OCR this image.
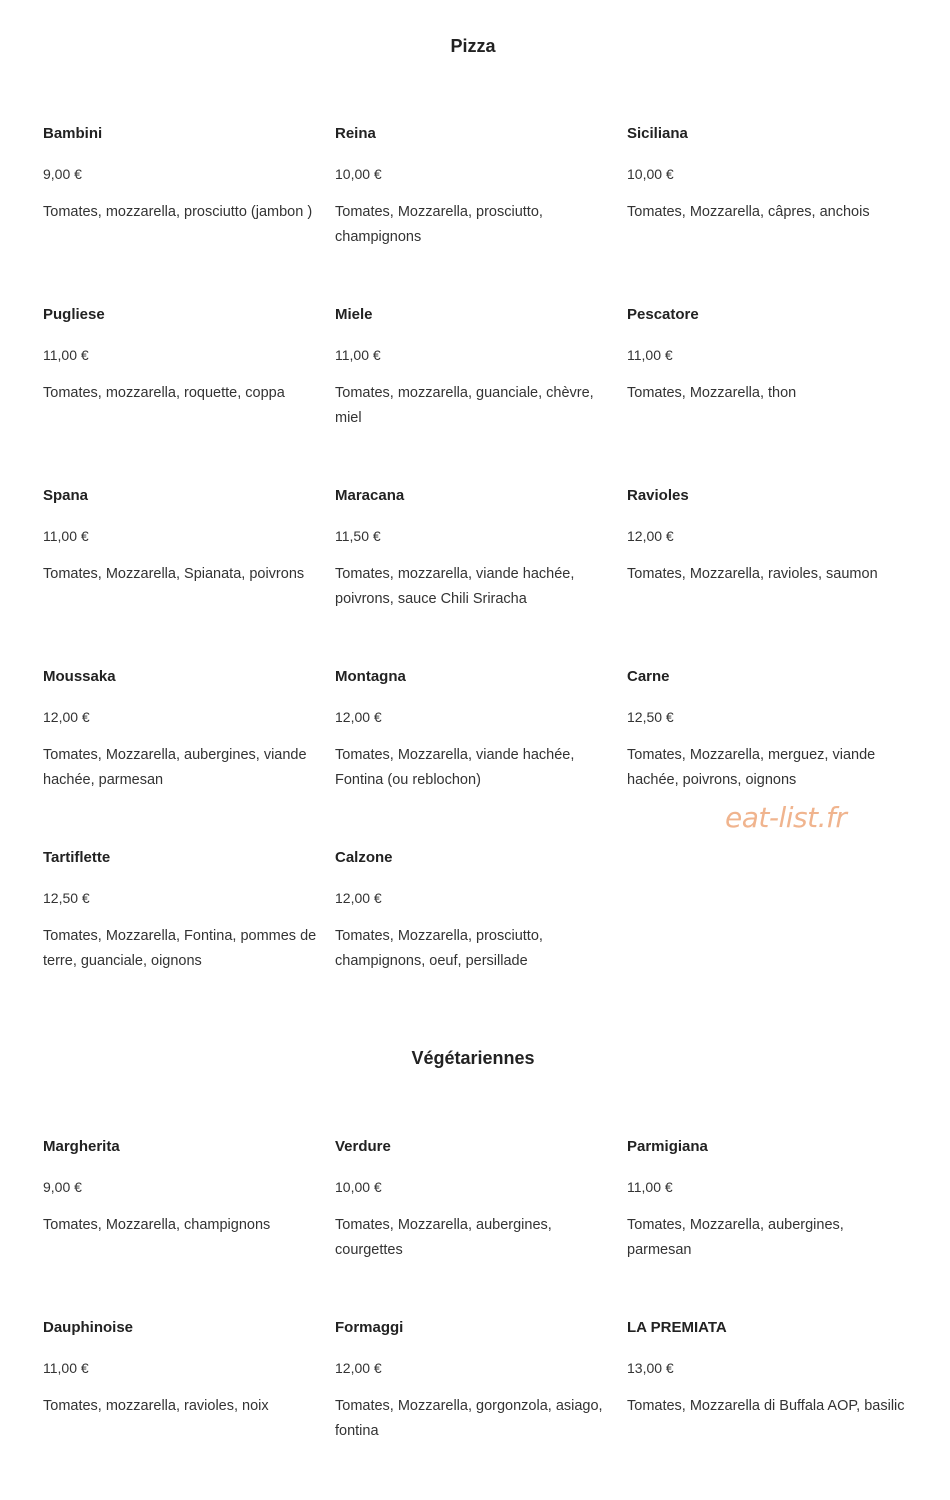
Pizza
Bambini
9,00 €
Tomates, mozzarella, prosciutto (jambon )
Reina
10,00 €
Tomates, Mozzarella, prosciutto, champignons
Siciliana
10,00 €
Tomates, Mozzarella, câpres, anchois
Pugliese
11,00 €
Tomates, mozzarella, roquette, coppa
Miele
11,00 €
Tomates, mozzarella, guanciale, chèvre, miel
Pescatore
11,00 €
Tomates, Mozzarella, thon
Spana
11,00 €
Tomates, Mozzarella, Spianata, poivrons
Maracana
11,50 €
Tomates, mozzarella, viande hachée, poivrons, sauce Chili Sriracha
Ravioles
12,00 €
Tomates, Mozzarella, ravioles, saumon
Moussaka
12,00 €
Tomates, Mozzarella, aubergines, viande hachée, parmesan
Montagna
12,00 €
Tomates, Mozzarella, viande hachée, Fontina (ou reblochon)
Carne
12,50 €
Tomates, Mozzarella, merguez, viande hachée, poivrons, oignons
Tartiflette
12,50 €
Tomates, Mozzarella, Fontina, pommes de terre, guanciale, oignons
Calzone
12,00 €
Tomates, Mozzarella, prosciutto, champignons, oeuf, persillade
Végétariennes
Margherita
9,00 €
Tomates, Mozzarella, champignons
Verdure
10,00 €
Tomates, Mozzarella, aubergines, courgettes
Parmigiana
11,00 €
Tomates, Mozzarella, aubergines, parmesan
Dauphinoise
11,00 €
Tomates, mozzarella, ravioles, noix
Formaggi
12,00 €
Tomates, Mozzarella, gorgonzola, asiago, fontina
LA PREMIATA
13,00 €
Tomates, Mozzarella di Buffala AOP, basilic
eat-list.fr
